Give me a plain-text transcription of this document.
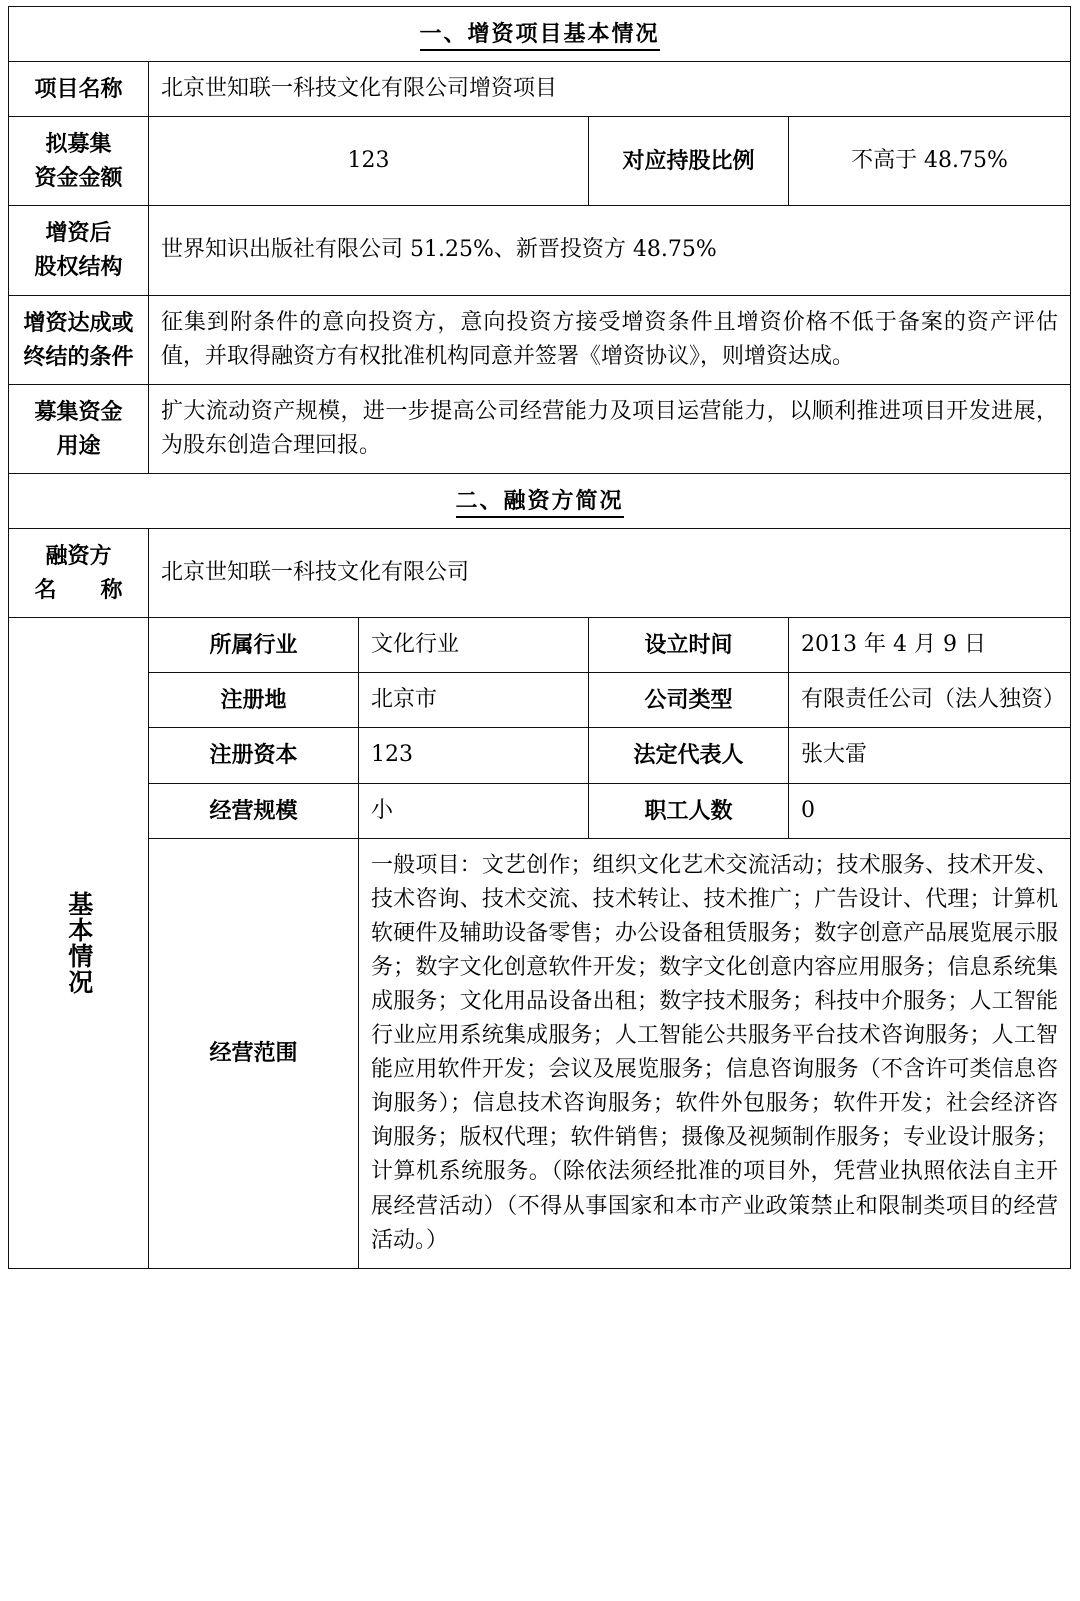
一、增资项目基本情况				
项目名称	北京世知联一科技文化有限公司增资项目			

拟募集
资金金额	123		对应持股比例	不高于 48.75%

增资后
股权结构	世界知识出版社有限公司 51.25%、新晋投资方 48.75%			

增资达成或
终结的条件	征集到附条件的意向投资方，意向投资方接受增资条件且增资价格不低于备案的资产评估值，并取得融资方有权批准机构同意并签署《增资协议》，则增资达成。			

募集资金
用途	扩大流动资产规模，进一步提高公司经营能力及项目运营能力，以顺利推进项目开发进展，为股东创造合理回报。			
二、融资方简况				

融资方
名　　称	北京世知联一科技文化有限公司			

基本情况	所属行业	文化行业	设立时间	2013 年 4 月 9 日
	注册地	北京市	公司类型	有限责任公司（法人独资）
	注册资本	123	法定代表人	张大雷
	经营规模	小	职工人数	0
	经营范围	一般项目：文艺创作；组织文化艺术交流活动；技术服务、技术开发、技术咨询、技术交流、技术转让、技术推广；广告设计、代理；计算机软硬件及辅助设备零售；办公设备租赁服务；数字创意产品展览展示服务；数字文化创意软件开发；数字文化创意内容应用服务；信息系统集成服务；文化用品设备出租；数字技术服务；科技中介服务；人工智能行业应用系统集成服务；人工智能公共服务平台技术咨询服务；人工智能应用软件开发；会议及展览服务；信息咨询服务（不含许可类信息咨询服务）；信息技术咨询服务；软件外包服务；软件开发；社会经济咨询服务；版权代理；软件销售；摄像及视频制作服务；专业设计服务；计算机系统服务。（除依法须经批准的项目外，凭营业执照依法自主开展经营活动）（不得从事国家和本市产业政策禁止和限制类项目的经营活动。）		
